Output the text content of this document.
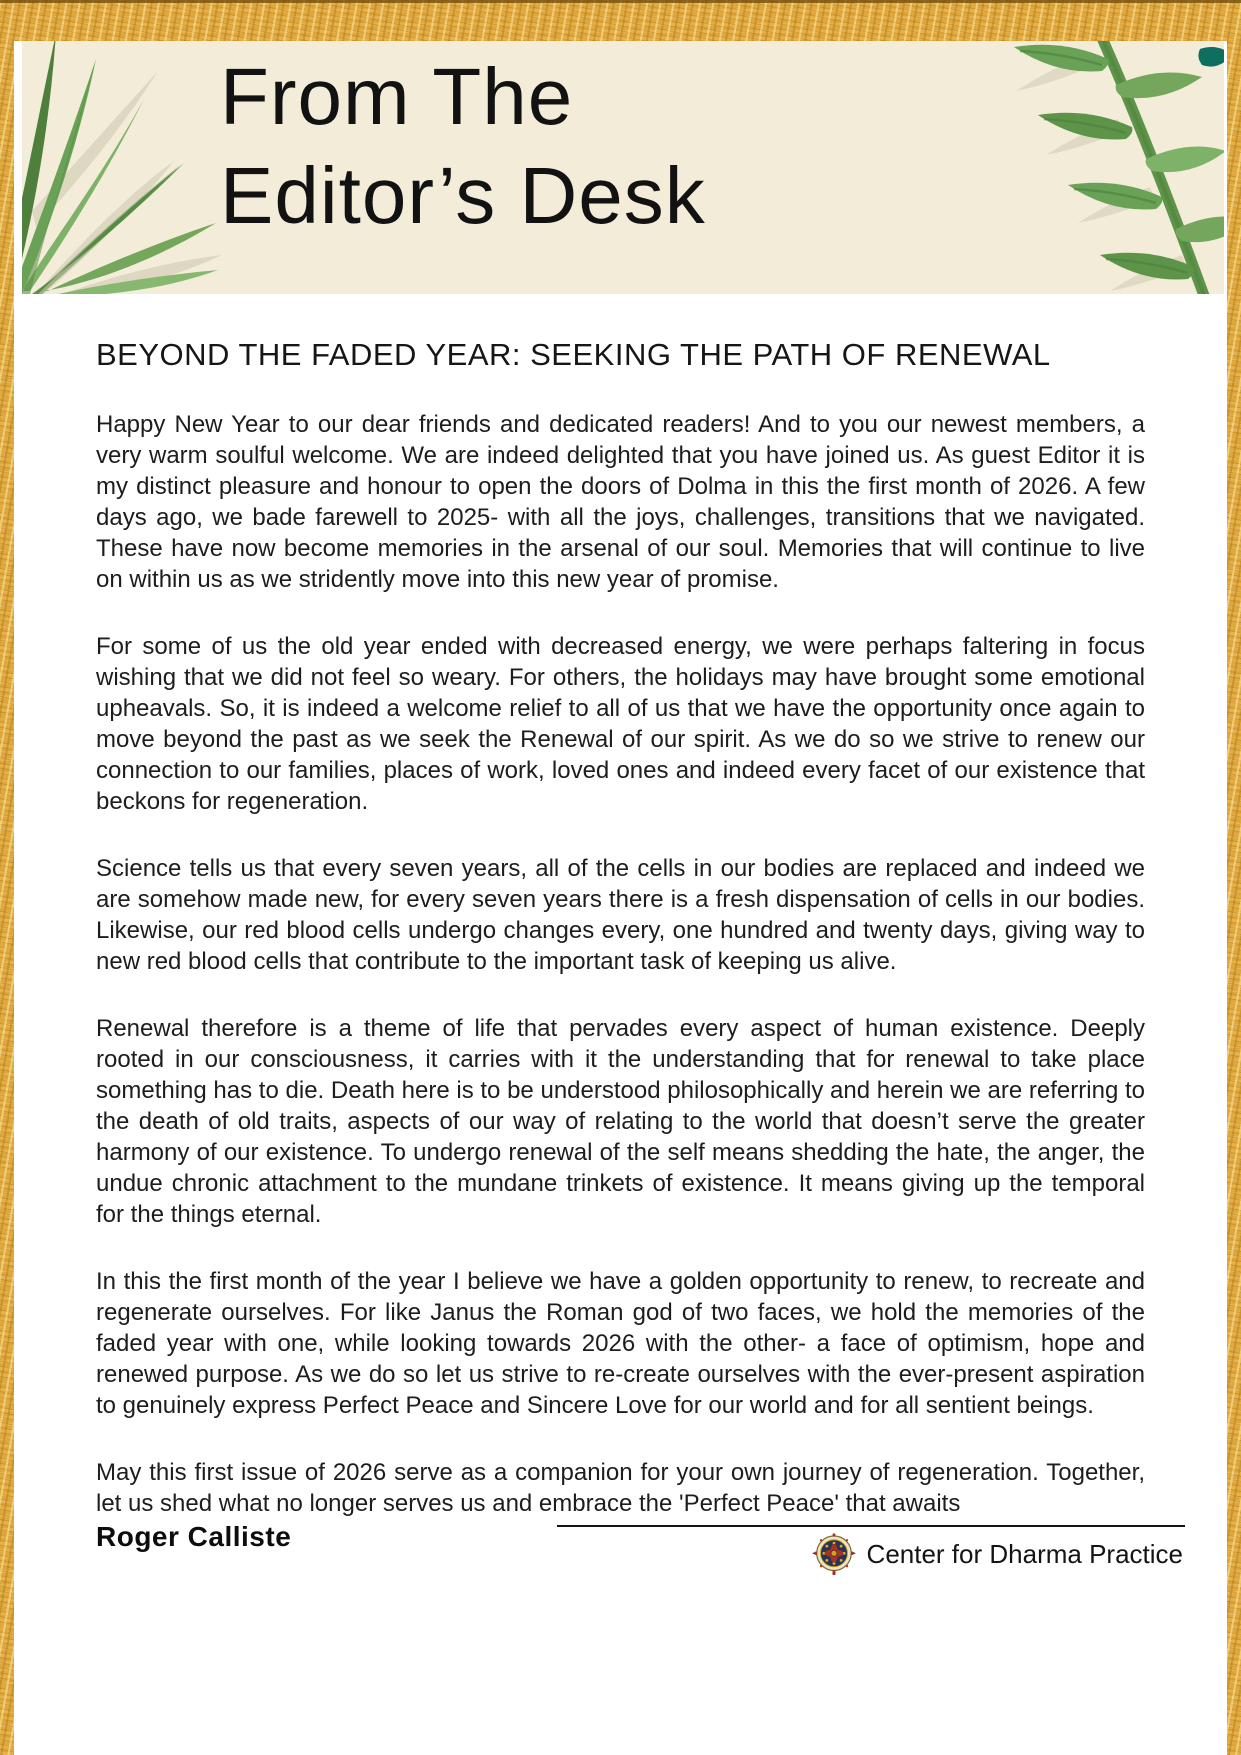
From The
Editor’s Desk
BEYOND THE FADED YEAR: SEEKING THE PATH OF RENEWAL

Happy New Year to our dear friends and dedicated readers! And to you our newest members, a very warm soulful welcome. We are indeed delighted that you have joined us. As guest Editor it is my distinct pleasure and honour to open the doors of Dolma in this the first month of 2026. A few days ago, we bade farewell to 2025- with all the joys, challenges, transitions that we navigated. These have now become memories in the arsenal of our soul. Memories that will continue to live on within us as we stridently move into this new year of promise.

For some of us the old year ended with decreased energy, we were perhaps faltering in focus wishing that we did not feel so weary. For others, the holidays may have brought some emotional upheavals. So, it is indeed a welcome relief to all of us that we have the opportunity once again to move beyond the past as we seek the Renewal of our spirit. As we do so we strive to renew our connection to our families, places of work, loved ones and indeed every facet of our existence that beckons for regeneration.

Science tells us that every seven years, all of the cells in our bodies are replaced and indeed we are somehow made new, for every seven years there is a fresh dispensation of cells in our bodies. Likewise, our red blood cells undergo changes every, one hundred and twenty days, giving way to new red blood cells that contribute to the important task of keeping us alive.

Renewal therefore is a theme of life that pervades every aspect of human existence. Deeply rooted in our consciousness, it carries with it the understanding that for renewal to take place something has to die. Death here is to be understood philosophically and herein we are referring to the death of old traits, aspects of our way of relating to the world that doesn’t serve the greater harmony of our existence. To undergo renewal of the self means shedding the hate, the anger, the undue chronic attachment to the mundane trinkets of existence. It means giving up the temporal for the things eternal.

In this the first month of the year I believe we have a golden opportunity to renew, to recreate and regenerate ourselves. For like Janus the Roman god of two faces, we hold the memories of the faded year with one, while looking towards 2026 with the other- a face of optimism, hope and renewed purpose. As we do so let us strive to re-create ourselves with the ever-present aspiration to genuinely express Perfect Peace and Sincere Love for our world and for all sentient beings.

May this first issue of 2026 serve as a companion for your own journey of regeneration. Together, let us shed what no longer serves us and embrace the 'Perfect Peace' that awaits

Roger Calliste
Center for Dharma Practice
